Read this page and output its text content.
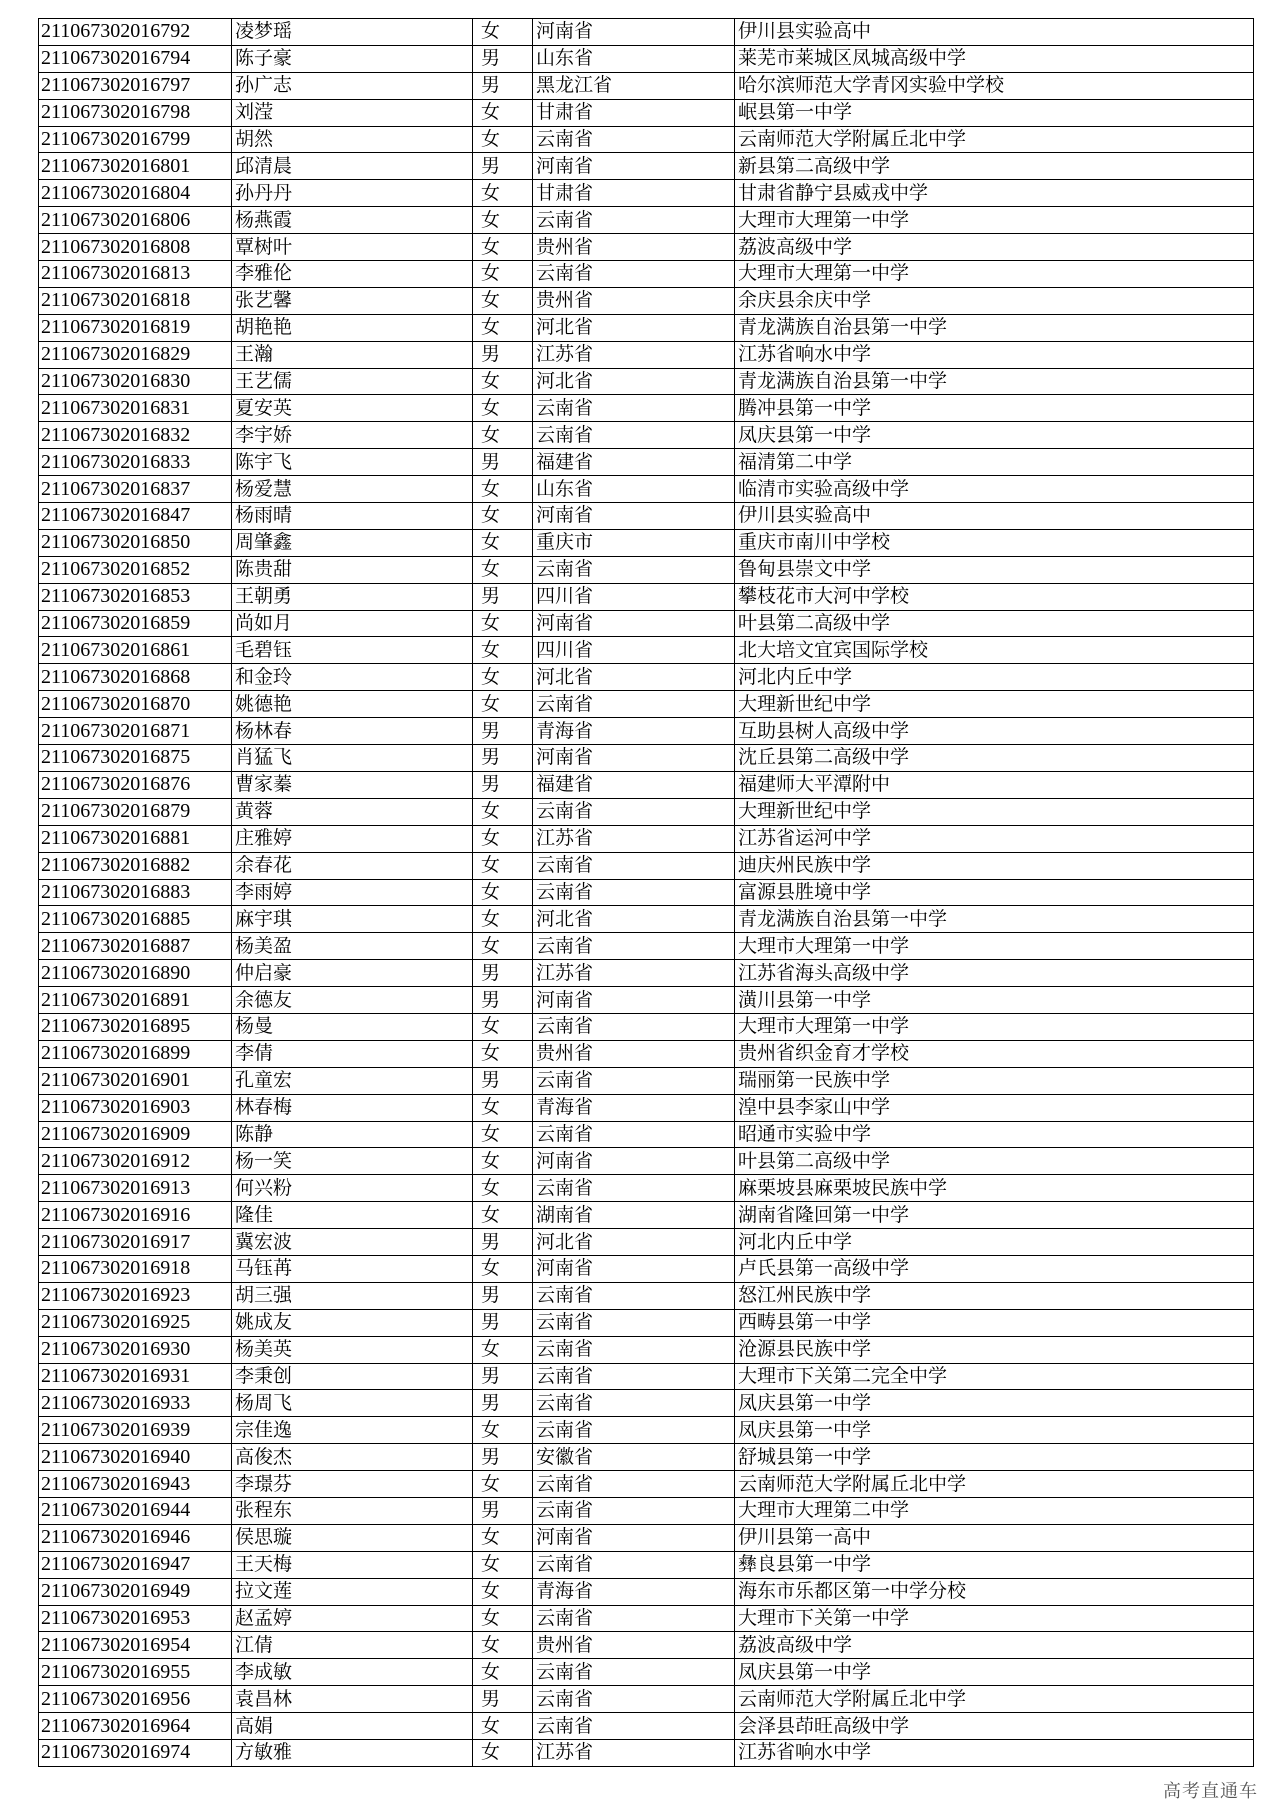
211067302016792	凌梦瑶	女	河南省	伊川县实验高中
211067302016794	陈子豪	男	山东省	莱芜市莱城区凤城高级中学
211067302016797	孙广志	男	黑龙江省	哈尔滨师范大学青冈实验中学校
211067302016798	刘滢	女	甘肃省	岷县第一中学
211067302016799	胡然	女	云南省	云南师范大学附属丘北中学
211067302016801	邱清晨	男	河南省	新县第二高级中学
211067302016804	孙丹丹	女	甘肃省	甘肃省静宁县威戎中学
211067302016806	杨燕霞	女	云南省	大理市大理第一中学
211067302016808	覃树叶	女	贵州省	荔波高级中学
211067302016813	李雅伦	女	云南省	大理市大理第一中学
211067302016818	张艺馨	女	贵州省	余庆县余庆中学
211067302016819	胡艳艳	女	河北省	青龙满族自治县第一中学
211067302016829	王瀚	男	江苏省	江苏省响水中学
211067302016830	王艺儒	女	河北省	青龙满族自治县第一中学
211067302016831	夏安英	女	云南省	腾冲县第一中学
211067302016832	李宇娇	女	云南省	凤庆县第一中学
211067302016833	陈宇飞	男	福建省	福清第二中学
211067302016837	杨爱慧	女	山东省	临清市实验高级中学
211067302016847	杨雨晴	女	河南省	伊川县实验高中
211067302016850	周肇鑫	女	重庆市	重庆市南川中学校
211067302016852	陈贵甜	女	云南省	鲁甸县崇文中学
211067302016853	王朝勇	男	四川省	攀枝花市大河中学校
211067302016859	尚如月	女	河南省	叶县第二高级中学
211067302016861	毛碧钰	女	四川省	北大培文宜宾国际学校
211067302016868	和金玲	女	河北省	河北内丘中学
211067302016870	姚德艳	女	云南省	大理新世纪中学
211067302016871	杨林春	男	青海省	互助县树人高级中学
211067302016875	肖猛飞	男	河南省	沈丘县第二高级中学
211067302016876	曹家蓁	男	福建省	福建师大平潭附中
211067302016879	黄蓉	女	云南省	大理新世纪中学
211067302016881	庄雅婷	女	江苏省	江苏省运河中学
211067302016882	余春花	女	云南省	迪庆州民族中学
211067302016883	李雨婷	女	云南省	富源县胜境中学
211067302016885	麻宇琪	女	河北省	青龙满族自治县第一中学
211067302016887	杨美盈	女	云南省	大理市大理第一中学
211067302016890	仲启豪	男	江苏省	江苏省海头高级中学
211067302016891	余德友	男	河南省	潢川县第一中学
211067302016895	杨曼	女	云南省	大理市大理第一中学
211067302016899	李倩	女	贵州省	贵州省织金育才学校
211067302016901	孔童宏	男	云南省	瑞丽第一民族中学
211067302016903	林春梅	女	青海省	湟中县李家山中学
211067302016909	陈静	女	云南省	昭通市实验中学
211067302016912	杨一笑	女	河南省	叶县第二高级中学
211067302016913	何兴粉	女	云南省	麻栗坡县麻栗坡民族中学
211067302016916	隆佳	女	湖南省	湖南省隆回第一中学
211067302016917	冀宏波	男	河北省	河北内丘中学
211067302016918	马钰苒	女	河南省	卢氏县第一高级中学
211067302016923	胡三强	男	云南省	怒江州民族中学
211067302016925	姚成友	男	云南省	西畴县第一中学
211067302016930	杨美英	女	云南省	沧源县民族中学
211067302016931	李秉创	男	云南省	大理市下关第二完全中学
211067302016933	杨周飞	男	云南省	凤庆县第一中学
211067302016939	宗佳逸	女	云南省	凤庆县第一中学
211067302016940	高俊杰	男	安徽省	舒城县第一中学
211067302016943	李璟芬	女	云南省	云南师范大学附属丘北中学
211067302016944	张程东	男	云南省	大理市大理第二中学
211067302016946	侯思璇	女	河南省	伊川县第一高中
211067302016947	王天梅	女	云南省	彝良县第一中学
211067302016949	拉文莲	女	青海省	海东市乐都区第一中学分校
211067302016953	赵孟婷	女	云南省	大理市下关第一中学
211067302016954	江倩	女	贵州省	荔波高级中学
211067302016955	李成敏	女	云南省	凤庆县第一中学
211067302016956	袁昌林	男	云南省	云南师范大学附属丘北中学
211067302016964	高娟	女	云南省	会泽县茚旺高级中学
211067302016974	方敏雅	女	江苏省	江苏省响水中学
高考直通车
